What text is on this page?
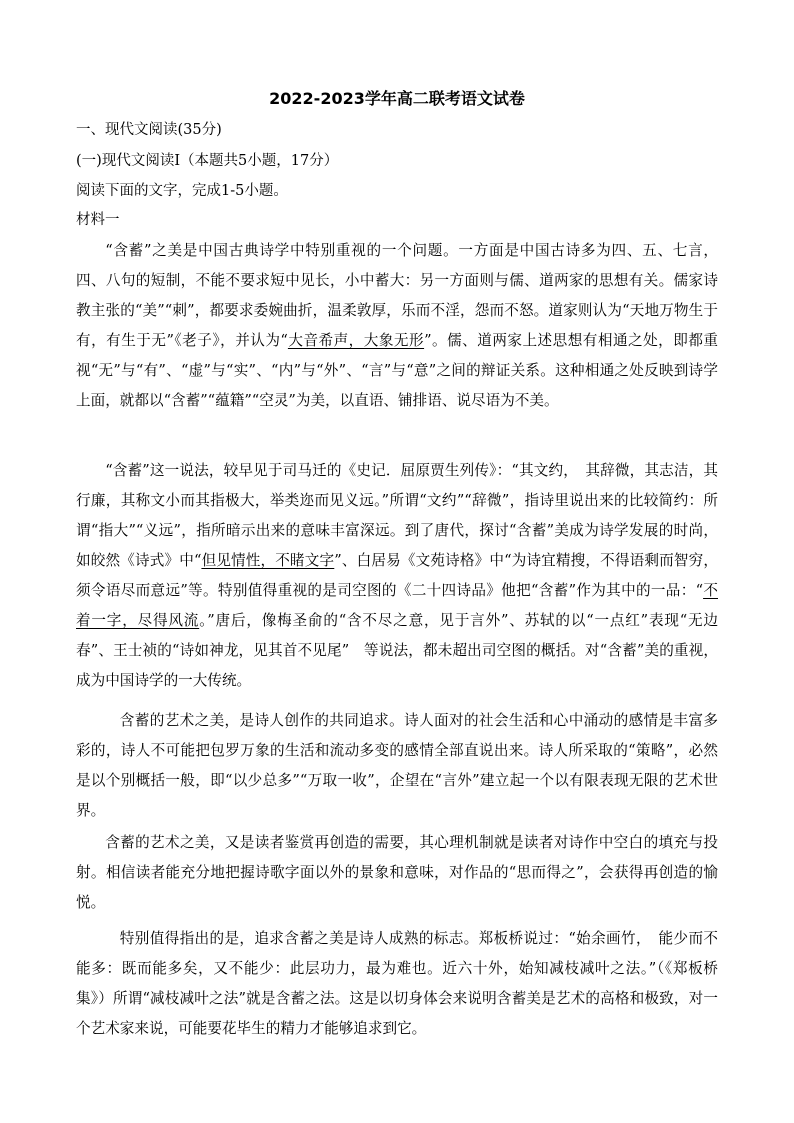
2022-2023学年高二联考语文试卷
一、现代文阅读(35分)
(一)现代文阅读Ⅰ（本题共5小题，17分）
阅读下面的文字，完成1-5小题。
材料一
“含蓄”之美是中国古典诗学中特别重视的一个问题。一方面是中国古诗多为四、五、七言，四、八句的短制，不能不要求短中见长，小中蓄大：另一方面则与儒、道两家的思想有关。儒家诗教主张的“美”“刺”，都要求委婉曲折，温柔敦厚，乐而不淫，怨而不怒。道家则认为“天地万物生于有，有生于无”《老子》，并认为“大音希声，大象无形”。儒、道两家上述思想有相通之处，即都重视“无”与“有”、“虚”与“实”、“内”与“外”、“言”与“意”之间的辩证关系。这种相通之处反映到诗学上面，就都以“含蓄”“蕴籍”“空灵”为美，以直语、铺排语、说尽语为不美。
“含蓄”这一说法，较早见于司马迁的《史记．屈原贾生列传》：“其文约，　其辞微，其志洁，其行廉，其称文小而其指极大，举类迩而见义远。”所谓“文约”“辞微”，指诗里说出来的比较简约：所谓“指大”“义远”，指所暗示出来的意味丰富深远。到了唐代，探讨“含蓄”美成为诗学发展的时尚，如皎然《诗式》中“但见情性，不睹文字”、白居易《文苑诗格》中“为诗宜精搜，不得语剩而智穷，须令语尽而意远”等。特别值得重视的是司空图的《二十四诗品》他把“含蓄”作为其中的一品：“不着一字，尽得风流。”唐后，像梅圣俞的“含不尽之意，见于言外”、苏轼的以“一点红”表现“无边春”、王士祯的“诗如神龙，见其首不见尾”　等说法，都未超出司空图的概括。对“含蓄”美的重视，成为中国诗学的一大传统。
含蓄的艺术之美，是诗人创作的共同追求。诗人面对的社会生活和心中涌动的感情是丰富多彩的，诗人不可能把包罗万象的生活和流动多变的感情全部直说出来。诗人所采取的“策略”，必然是以个别概括一般，即“以少总多”“万取一收”，企望在“言外”建立起一个以有限表现无限的艺术世界。
含蓄的艺术之美，又是读者鉴赏再创造的需要，其心理机制就是读者对诗作中空白的填充与投射。相信读者能充分地把握诗歌字面以外的景象和意味，对作品的“思而得之”，会获得再创造的愉悦。
特别值得指出的是，追求含蓄之美是诗人成熟的标志。郑板桥说过：“始余画竹，　能少而不能多：既而能多矣，又不能少：此层功力，最为难也。近六十外，始知减枝减叶之法。”（《郑板桥集》）所谓“减枝减叶之法”就是含蓄之法。这是以切身体会来说明含蓄美是艺术的高格和极致，对一个艺术家来说，可能要花毕生的精力才能够追求到它。
